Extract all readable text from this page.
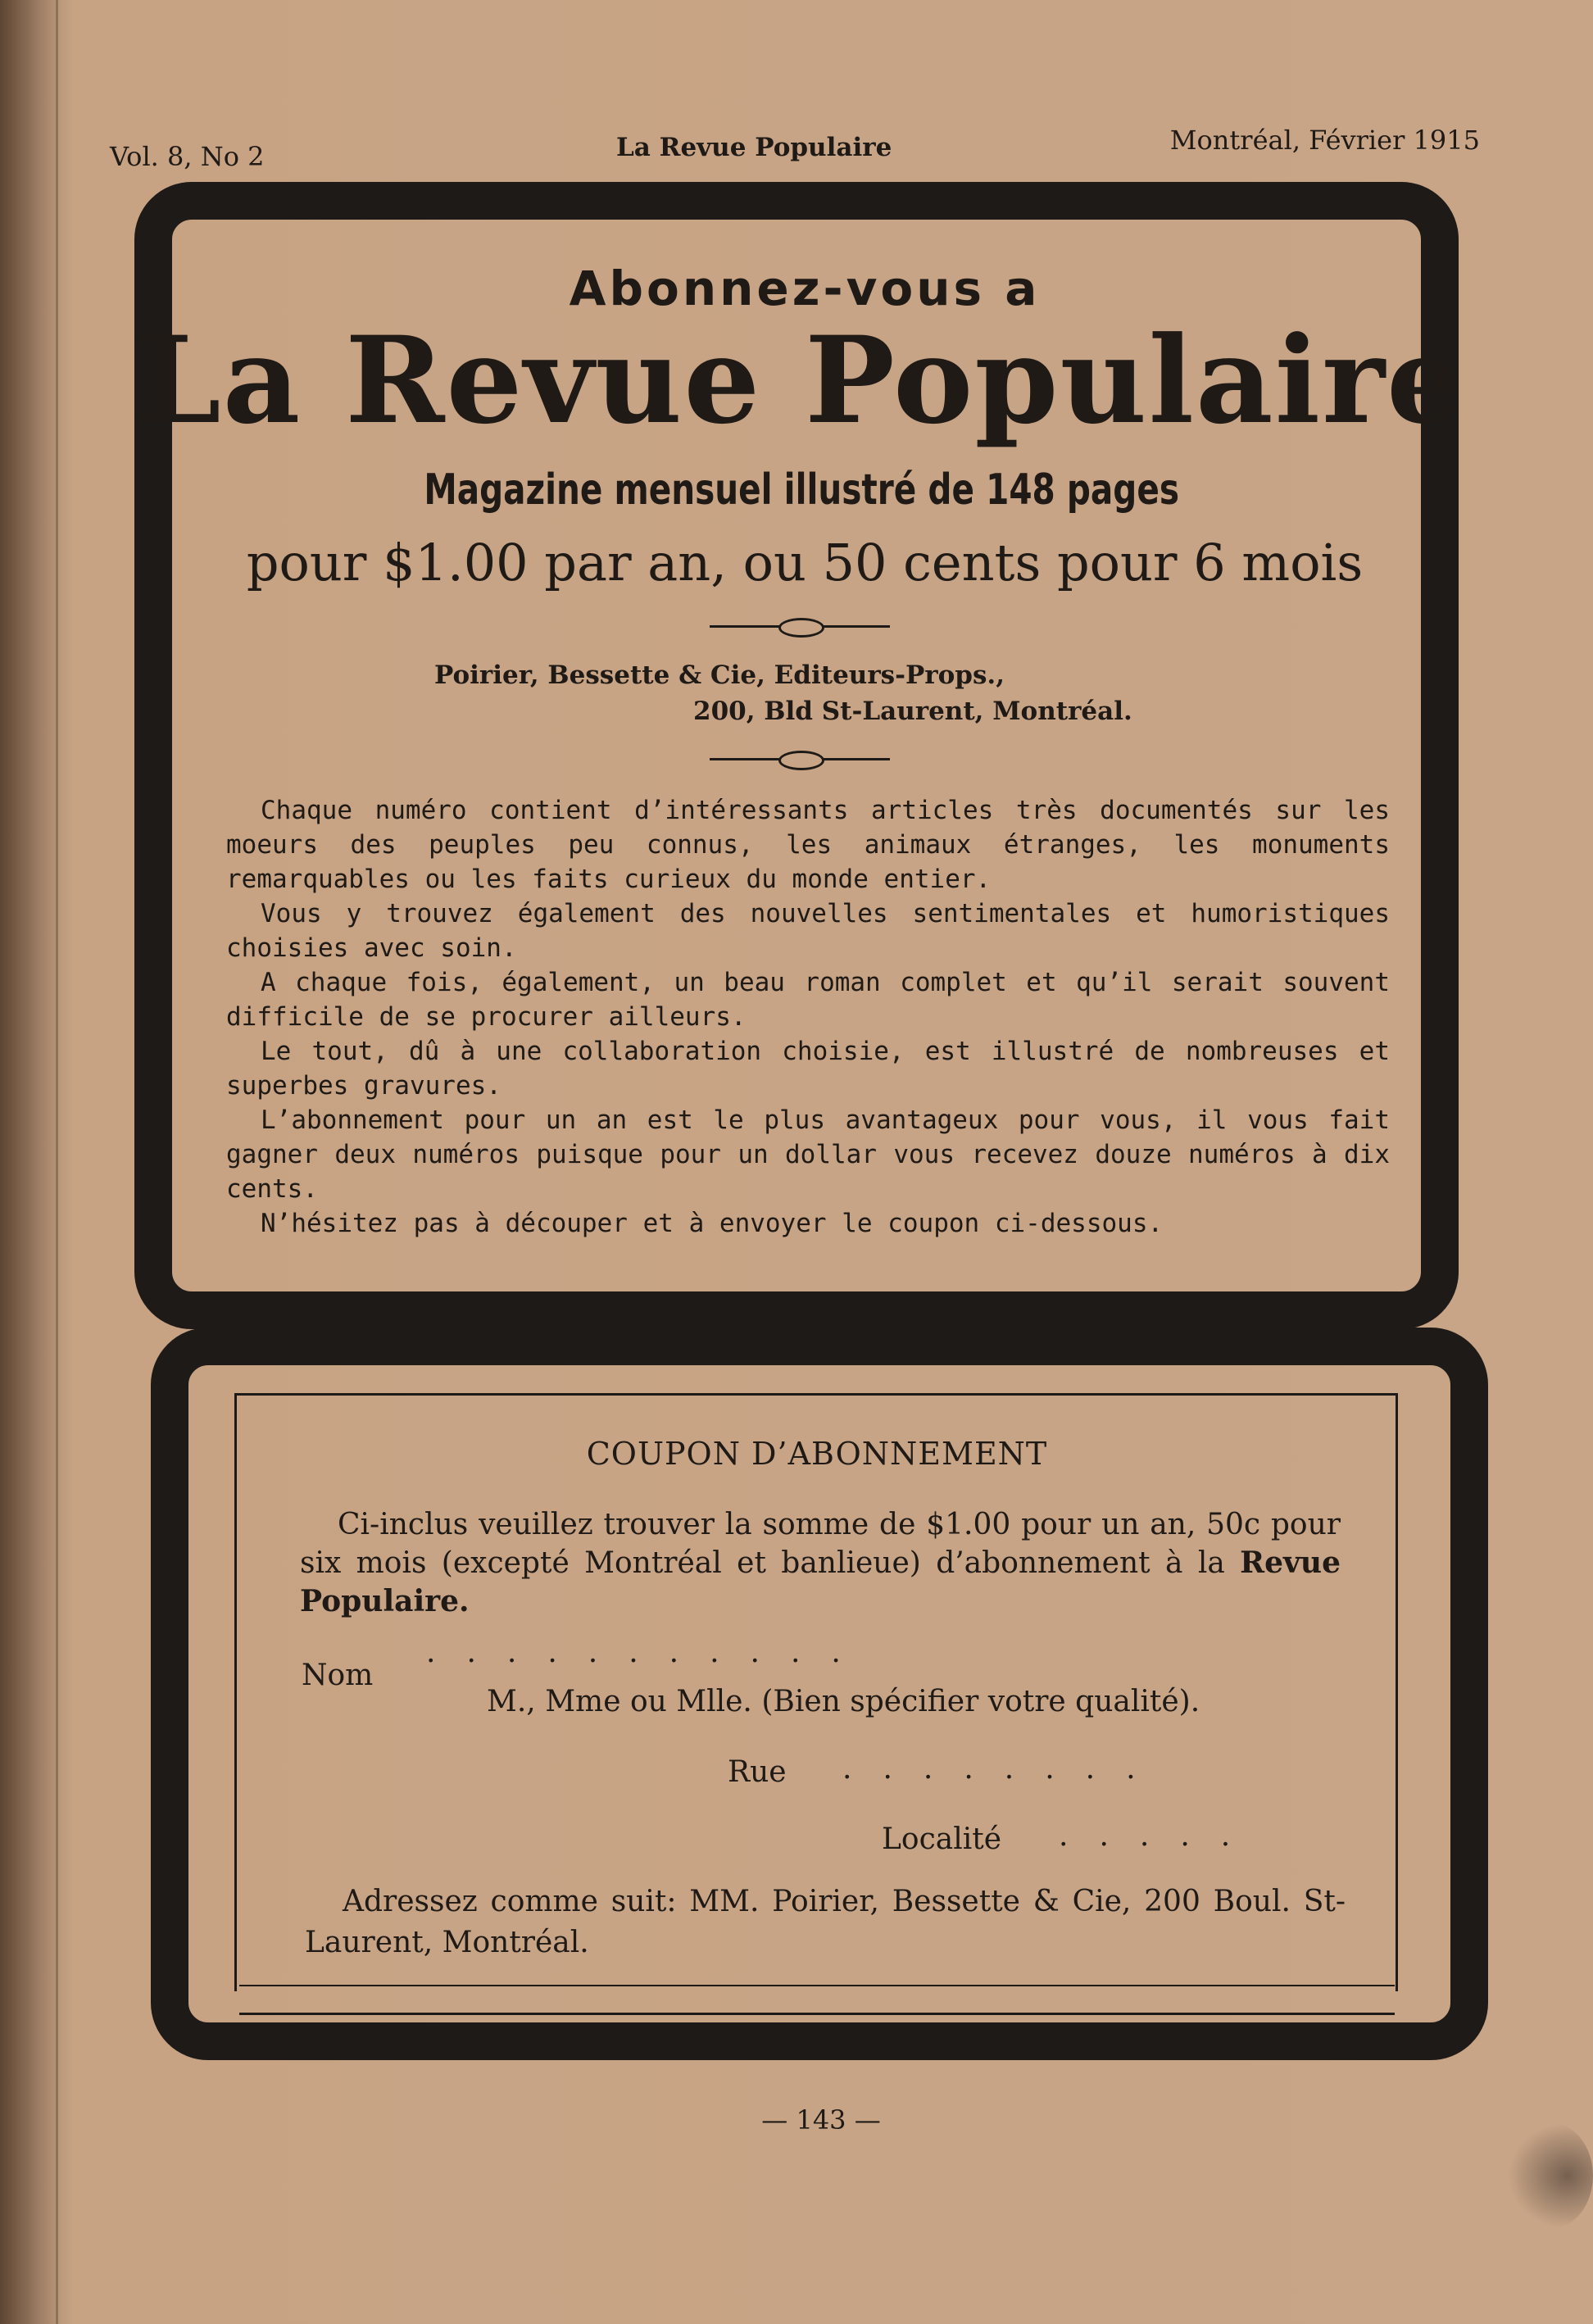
Vol. 8, No 2	La Revue Populaire	Montréal, Février 1915
Abonnez-vous a
La Revue Populaire
Magazine mensuel illustré de 148 pages
pour $1.00 par an, ou 50 cents pour 6 mois
Poirier, Bessette & Cie, Editeurs-Props.,
200, Bld St-Laurent, Montréal.

Chaque numéro contient d’intéressants articles très documentés sur les moeurs des peuples peu connus, les animaux étranges, les monuments remarquables ou les faits curieux du monde entier.

Vous y trouvez également des nouvelles sentimentales et humoristiques choisies avec soin.

A chaque fois, également, un beau roman complet et qu’il serait souvent difficile de se procurer ailleurs.

Le tout, dû à une collaboration choisie, est illustré de nombreuses et superbes gravures.

L’abonnement pour un an est le plus avantageux pour vous, il vous fait gagner deux numéros puisque pour un dollar vous recevez douze numéros à dix cents.

N’hésitez pas à découper et à envoyer le coupon ci-dessous.

COUPON D’ABONNEMENT
Ci-inclus veuillez trouver la somme de $1.00 pour un an, 50c pour six mois (excepté Montréal et banlieue) d’abonnement à la Revue Populaire.
Nom
...........
M., Mme ou Mlle. (Bien spécifier votre qualité).
Rue ........
Localité .....
Adressez comme suit: MM. Poirier, Bessette & Cie, 200 Boul. St-Laurent, Montréal.
— 143 —
